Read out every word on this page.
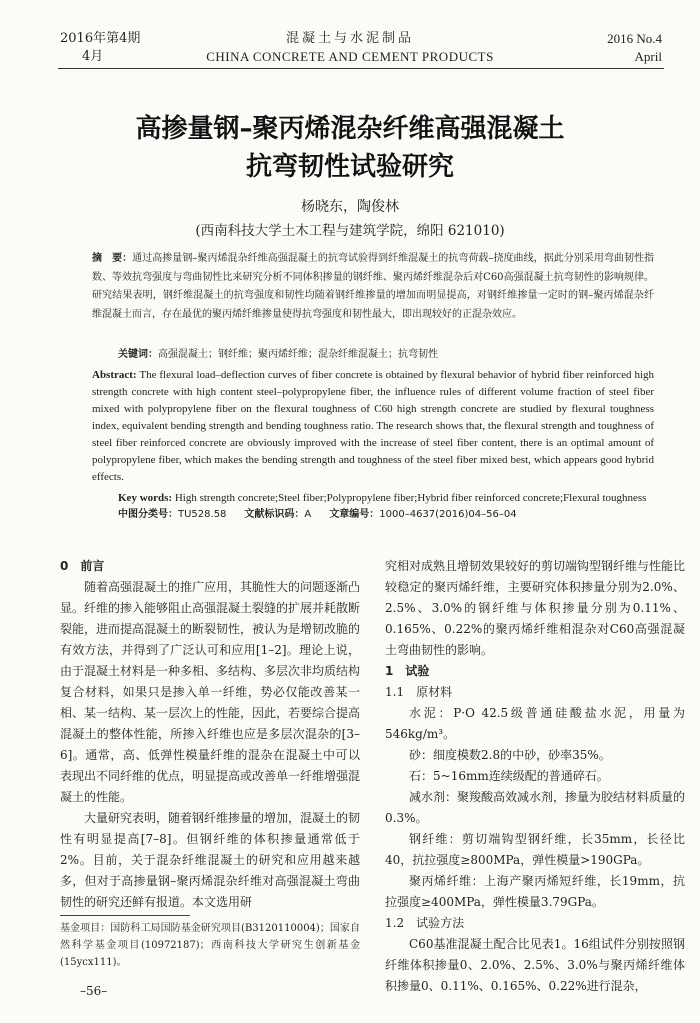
2016年第4期
4月
混凝土与水泥制品
CHINA CONCRETE AND CEMENT PRODUCTS
2016 No.4
April
高掺量钢–聚丙烯混杂纤维高强混凝土
抗弯韧性试验研究
杨晓东，陶俊林
(西南科技大学土木工程与建筑学院，绵阳 621010)
摘　要：通过高掺量钢–聚丙烯混杂纤维高强混凝土的抗弯试验得到纤维混凝土的抗弯荷载–挠度曲线，据此分别采用弯曲韧性指数、等效抗弯强度与弯曲韧性比来研究分析不同体积掺量的钢纤维、聚丙烯纤维混杂后对C60高强混凝土抗弯韧性的影响规律。研究结果表明，钢纤维混凝土的抗弯强度和韧性均随着钢纤维掺量的增加而明显提高，对钢纤维掺量一定时的钢–聚丙烯混杂纤维混凝土而言，存在最优的聚丙烯纤维掺量使得抗弯强度和韧性最大，即出现较好的正混杂效应。
关键词：高强混凝土；钢纤维；聚丙烯纤维；混杂纤维混凝土；抗弯韧性
Abstract: The flexural load–deflection curves of fiber concrete is obtained by flexural behavior of hybrid fiber reinforced high strength concrete with high content steel–polypropylene fiber, the influence rules of different volume fraction of steel fiber mixed with polypropylene fiber on the flexural toughness of C60 high strength concrete are studied by flexural toughness index, equivalent bending strength and bending toughness ratio. The research shows that, the flexural strength and toughness of steel fiber reinforced concrete are obviously improved with the increase of steel fiber content, there is an optimal amount of polypropylene fiber, which makes the bending strength and toughness of the steel fiber mixed best, which appears good hybrid effects.
Key words: High strength concrete;Steel fiber;Polypropylene fiber;Hybrid fiber reinforced concrete;Flexural toughness
中图分类号：TU528.58 文献标识码：A 文章编号：1000–4637(2016)04–56–04

0　前言

随着高强混凝土的推广应用，其脆性大的问题逐渐凸显。纤维的掺入能够阻止高强混凝土裂缝的扩展并耗散断裂能，进而提高混凝土的断裂韧性，被认为是增韧改脆的有效方法，并得到了广泛认可和应用[1–2]。理论上说，由于混凝土材料是一种多相、多结构、多层次非均质结构复合材料，如果只是掺入单一纤维，势必仅能改善某一相、某一结构、某一层次上的性能，因此，若要综合提高混凝土的整体性能，所掺入纤维也应是多层次混杂的[3–6]。通常，高、低弹性模量纤维的混杂在混凝土中可以表现出不同纤维的优点，明显提高或改善单一纤维增强混凝土的性能。

大量研究表明，随着钢纤维掺量的增加，混凝土的韧性有明显提高[7–8]。但钢纤维的体积掺量通常低于2%。目前，关于混杂纤维混凝土的研究和应用越来越多，但对于高掺量钢–聚丙烯混杂纤维对高强混凝土弯曲韧性的研究还鲜有报道。本文选用研

究相对成熟且增韧效果较好的剪切端钩型钢纤维与性能比较稳定的聚丙烯纤维，主要研究体积掺量分别为2.0%、2.5%、3.0%的钢纤维与体积掺量分别为0.11%、0.165%、0.22%的聚丙烯纤维相混杂对C60高强混凝土弯曲韧性的影响。

1　试验

1.1　原材料

水泥：P·O 42.5级普通硅酸盐水泥，用量为546kg/m³。

砂：细度模数2.8的中砂，砂率35%。

石：5~16mm连续级配的普通碎石。

减水剂：聚羧酸高效减水剂，掺量为胶结材料质量的0.3%。

钢纤维：剪切端钩型钢纤维，长35mm，长径比40，抗拉强度≥800MPa，弹性模量>190GPa。

聚丙烯纤维：上海产聚丙烯短纤维，长19mm，抗拉强度≥400MPa，弹性模量3.79GPa。

1.2　试验方法

C60基准混凝土配合比见表1。16组试件分别按照钢纤维体积掺量0、2.0%、2.5%、3.0%与聚丙烯纤维体积掺量0、0.11%、0.165%、0.22%进行混杂，

基金项目：国防科工局国防基金研究项目(B3120110004)；国家自然科学基金项目(10972187)；西南科技大学研究生创新基金(15ycx111)。
–56–
